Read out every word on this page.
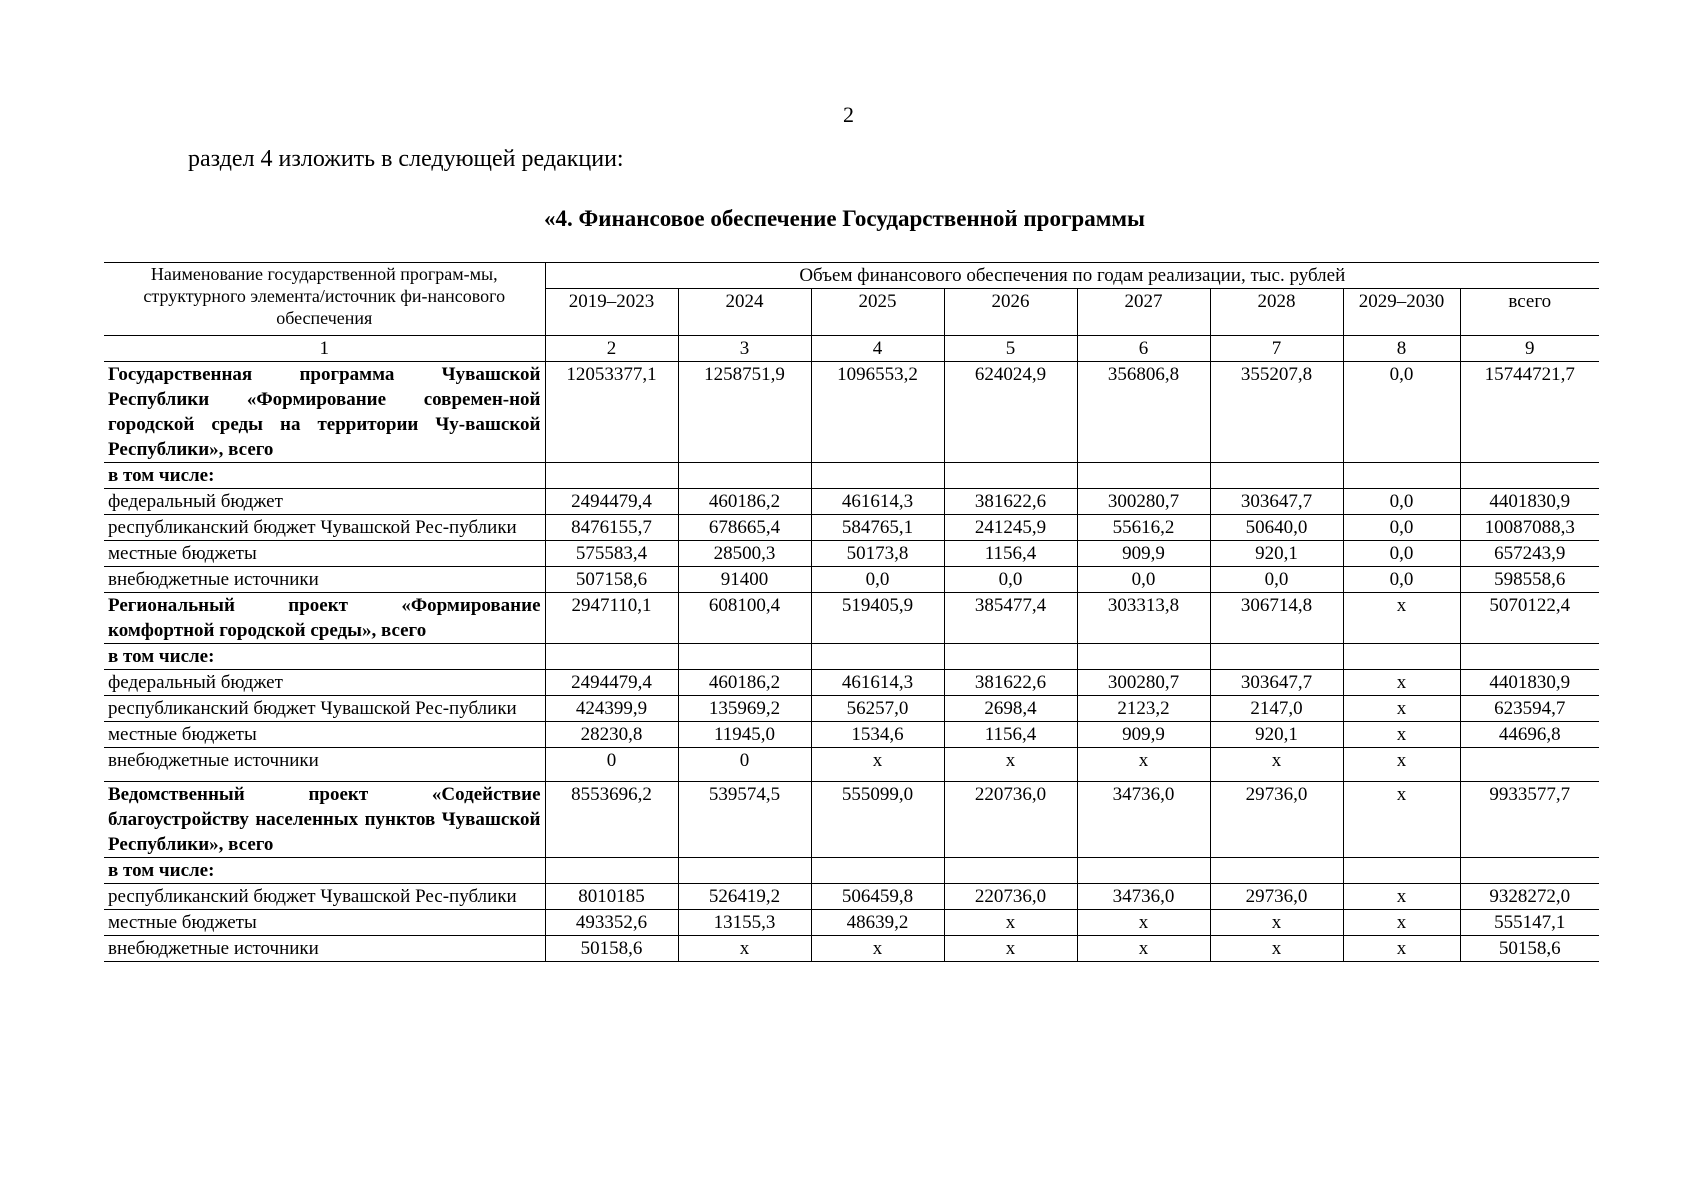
2
раздел 4 изложить в следующей редакции:
«4. Финансовое обеспечение Государственной программы
Наименование государственной програм-мы, структурного элемента/источник фи-нансового обеспечения	Объем финансового обеспечения по годам реализации, тыс. рублей							
	2019–2023	2024	2025	2026	2027	2028	2029–2030	всего
1	2	3	4	5	6	7	8	9
Государственная программа Чувашской Республики «Формирование современ-ной городской среды на территории Чу-вашской Республики», всего	12053377,1	1258751,9	1096553,2	624024,9	356806,8	355207,8	0,0	15744721,7
в том числе:								
федеральный бюджет	2494479,4	460186,2	461614,3	381622,6	300280,7	303647,7	0,0	4401830,9
республиканский бюджет Чувашской Рес-публики	8476155,7	678665,4	584765,1	241245,9	55616,2	50640,0	0,0	10087088,3
местные бюджеты	575583,4	28500,3	50173,8	1156,4	909,9	920,1	0,0	657243,9
внебюджетные источники	507158,6	91400	0,0	0,0	0,0	0,0	0,0	598558,6
Региональный проект «Формирование комфортной городской среды», всего	2947110,1	608100,4	519405,9	385477,4	303313,8	306714,8	х	5070122,4
в том числе:								
федеральный бюджет	2494479,4	460186,2	461614,3	381622,6	300280,7	303647,7	х	4401830,9
республиканский бюджет Чувашской Рес-публики	424399,9	135969,2	56257,0	2698,4	2123,2	2147,0	х	623594,7
местные бюджеты	28230,8	11945,0	1534,6	1156,4	909,9	920,1	х	44696,8
внебюджетные источники	0	0	х	х	х	х	х	
Ведомственный проект «Содействие благоустройству населенных пунктов Чувашской Республики», всего	8553696,2	539574,5	555099,0	220736,0	34736,0	29736,0	х	9933577,7
в том числе:								
республиканский бюджет Чувашской Рес-публики	8010185	526419,2	506459,8	220736,0	34736,0	29736,0	х	9328272,0
местные бюджеты	493352,6	13155,3	48639,2	х	х	х	х	555147,1
внебюджетные источники	50158,6	х	х	х	х	х	х	50158,6
